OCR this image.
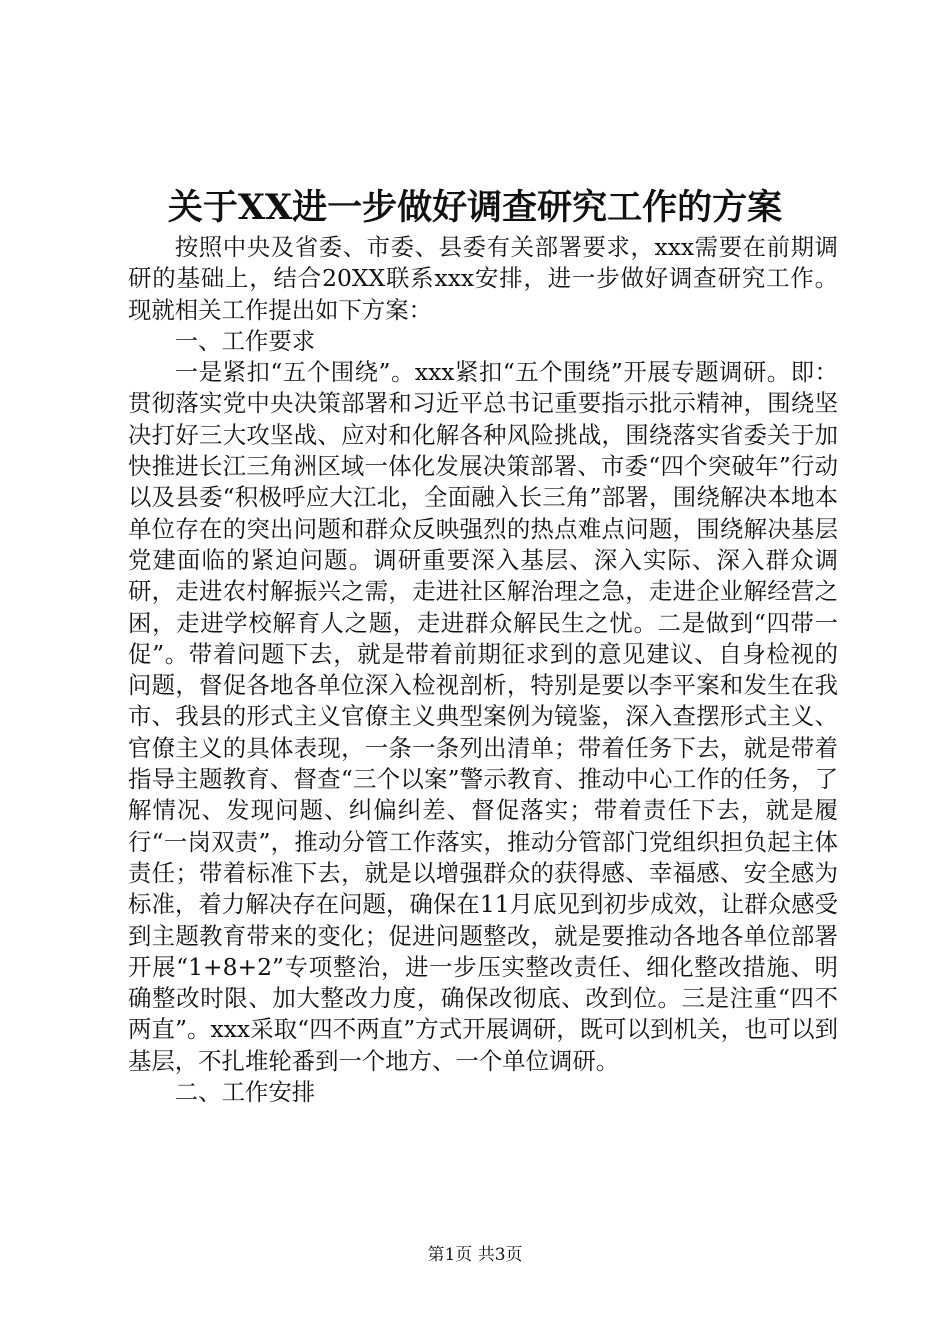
关于XX进一步做好调查研究工作的方案

按照中央及省委、市委、县委有关部署要求，xxx需要在前期调研的基础上，结合20XX联系xxx安排，进一步做好调查研究工作。现就相关工作提出如下方案：

一、工作要求

一是紧扣“五个围绕”。xxx紧扣“五个围绕”开展专题调研。即：贯彻落实党中央决策部署和习近平总书记重要指示批示精神，围绕坚决打好三大攻坚战、应对和化解各种风险挑战，围绕落实省委关于加快推进长江三角洲区域一体化发展决策部署、市委“四个突破年”行动以及县委“积极呼应大江北，全面融入长三角”部署，围绕解决本地本单位存在的突出问题和群众反映强烈的热点难点问题，围绕解决基层党建面临的紧迫问题。调研重要深入基层、深入实际、深入群众调研，走进农村解振兴之需，走进社区解治理之急，走进企业解经营之困，走进学校解育人之题，走进群众解民生之忧。二是做到“四带一促”。带着问题下去，就是带着前期征求到的意见建议、自身检视的问题，督促各地各单位深入检视剖析，特别是要以李平案和发生在我市、我县的形式主义官僚主义典型案例为镜鉴，深入查摆形式主义、官僚主义的具体表现，一条一条列出清单；带着任务下去，就是带着指导主题教育、督查“三个以案”警示教育、推动中心工作的任务，了解情况、发现问题、纠偏纠差、督促落实；带着责任下去，就是履行“一岗双责”，推动分管工作落实，推动分管部门党组织担负起主体责任；带着标准下去，就是以增强群众的获得感、幸福感、安全感为标准，着力解决存在问题，确保在11月底见到初步成效，让群众感受到主题教育带来的变化；促进问题整改，就是要推动各地各单位部署开展“1+8+2”专项整治，进一步压实整改责任、细化整改措施、明确整改时限、加大整改力度，确保改彻底、改到位。三是注重“四不两直”。xxx采取“四不两直”方式开展调研，既可以到机关，也可以到基层，不扎堆轮番到一个地方、一个单位调研。

二、工作安排

第1页 共3页
